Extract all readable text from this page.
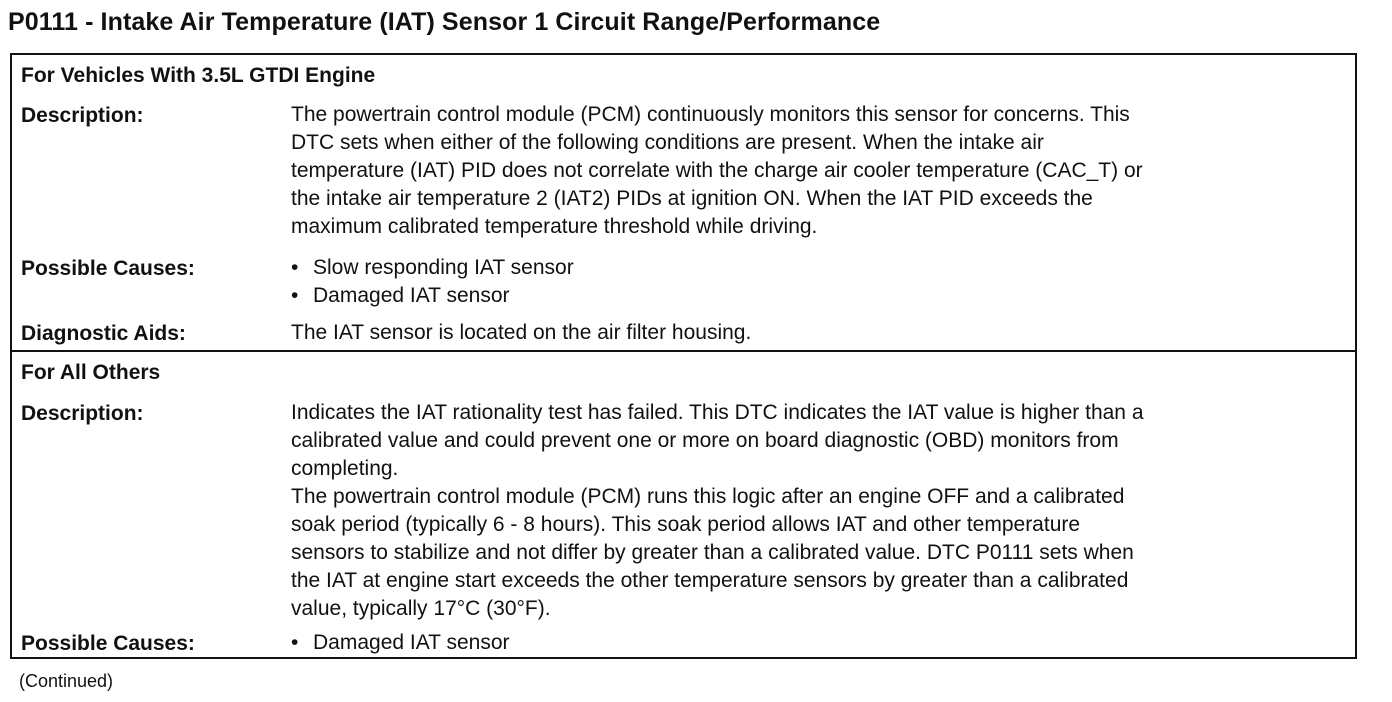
P0111 - Intake Air Temperature (IAT) Sensor 1 Circuit Range/Performance
For Vehicles With 3.5L GTDI Engine
Description:	The powertrain control module (PCM) continuously monitors this sensor for concerns. This
DTC sets when either of the following conditions are present. When the intake air
temperature (IAT) PID does not correlate with the charge air cooler temperature (CAC_T) or
the intake air temperature 2 (IAT2) PIDs at ignition ON. When the IAT PID exceeds the
maximum calibrated temperature threshold while driving.
Possible Causes:	• Slow responding IAT sensor
• Damaged IAT sensor
Diagnostic Aids:	The IAT sensor is located on the air filter housing.
For All Others
Description:	Indicates the IAT rationality test has failed. This DTC indicates the IAT value is higher than a
calibrated value and could prevent one or more on board diagnostic (OBD) monitors from
completing.
The powertrain control module (PCM) runs this logic after an engine OFF and a calibrated
soak period (typically 6 - 8 hours). This soak period allows IAT and other temperature
sensors to stabilize and not differ by greater than a calibrated value. DTC P0111 sets when
the IAT at engine start exceeds the other temperature sensors by greater than a calibrated
value, typically 17°C (30°F).
Possible Causes:	• Damaged IAT sensor
(Continued)
